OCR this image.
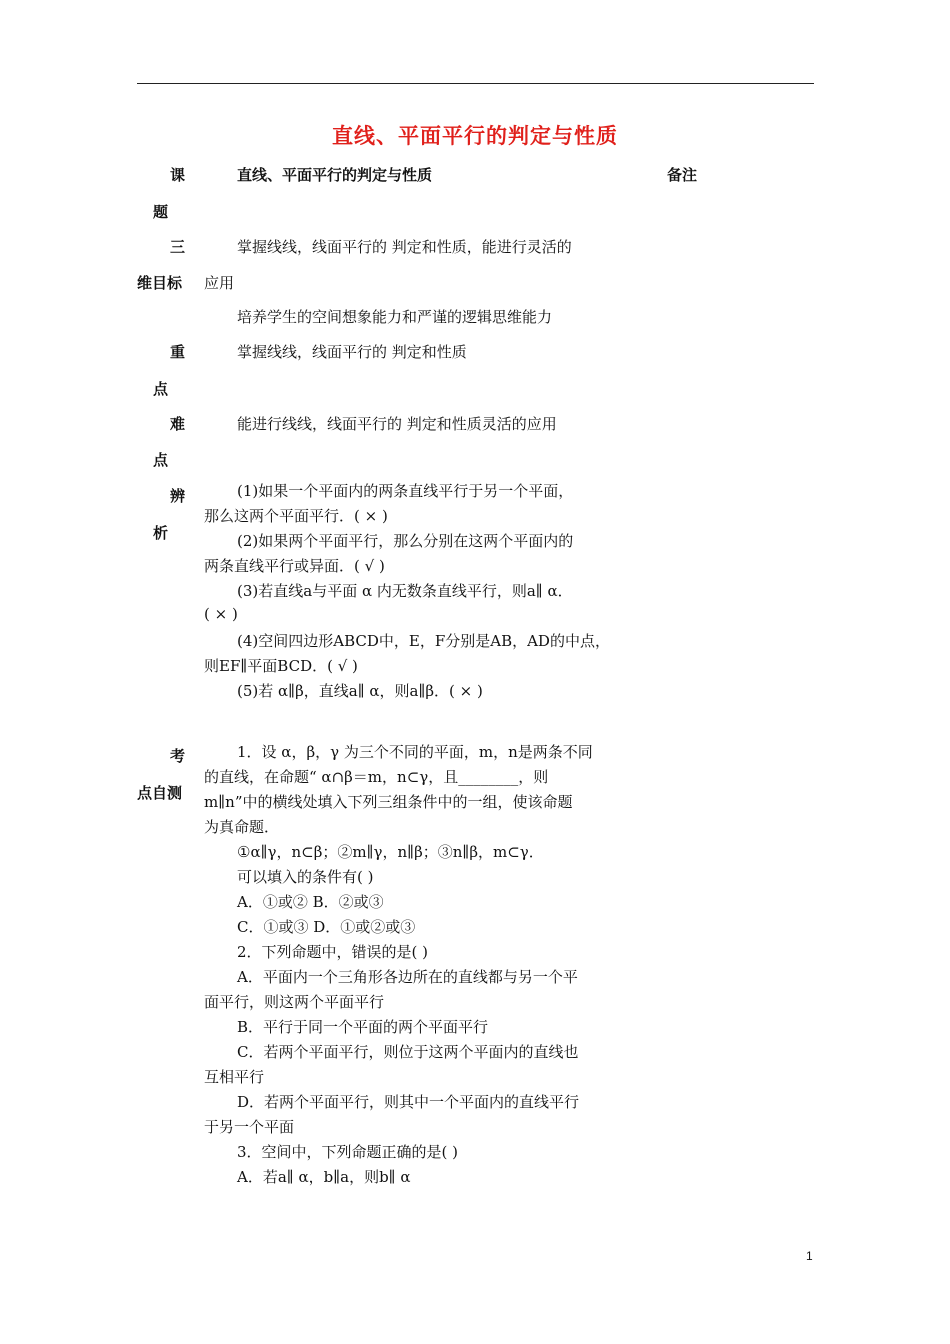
直线、平面平行的判定与性质
课
题
三
维目标
重
点
难
点
辨
析
考
点自测
直线、平面平行的判定与性质	备注
掌握线线，线面平行的 判定和性质，能进行灵活的
应用
培养学生的空间想象能力和严谨的逻辑思维能力
掌握线线，线面平行的 判定和性质
能进行线线，线面平行的 判定和性质灵活的应用
(1)如果一个平面内的两条直线平行于另一个平面，
那么这两个平面平行．( × )
(2)如果两个平面平行，那么分别在这两个平面内的
两条直线平行或异面．( √ )
(3)若直线a与平面 α 内无数条直线平行，则a∥ α．
( × )
(4)空间四边形ABCD中，E，F分别是AB，AD的中点，
则EF∥平面BCD．( √ )
(5)若 α∥β，直线a∥ α，则a∥β．( × )
1．设 α，β，γ 为三个不同的平面，m，n是两条不同
的直线，在命题“ α∩β＝m，n⊂γ，且________，则
m∥n”中的横线处填入下列三组条件中的一组，使该命题
为真命题．
①α∥γ，n⊂β；②m∥γ，n∥β；③n∥β，m⊂γ．
可以填入的条件有( )
A．①或② B．②或③
C．①或③ D．①或②或③
2．下列命题中，错误的是( )
A．平面内一个三角形各边所在的直线都与另一个平
面平行，则这两个平面平行
B．平行于同一个平面的两个平面平行
C．若两个平面平行，则位于这两个平面内的直线也
互相平行
D．若两个平面平行，则其中一个平面内的直线平行
于另一个平面
3．空间中，下列命题正确的是( )
A．若a∥ α，b∥a，则b∥ α
1
